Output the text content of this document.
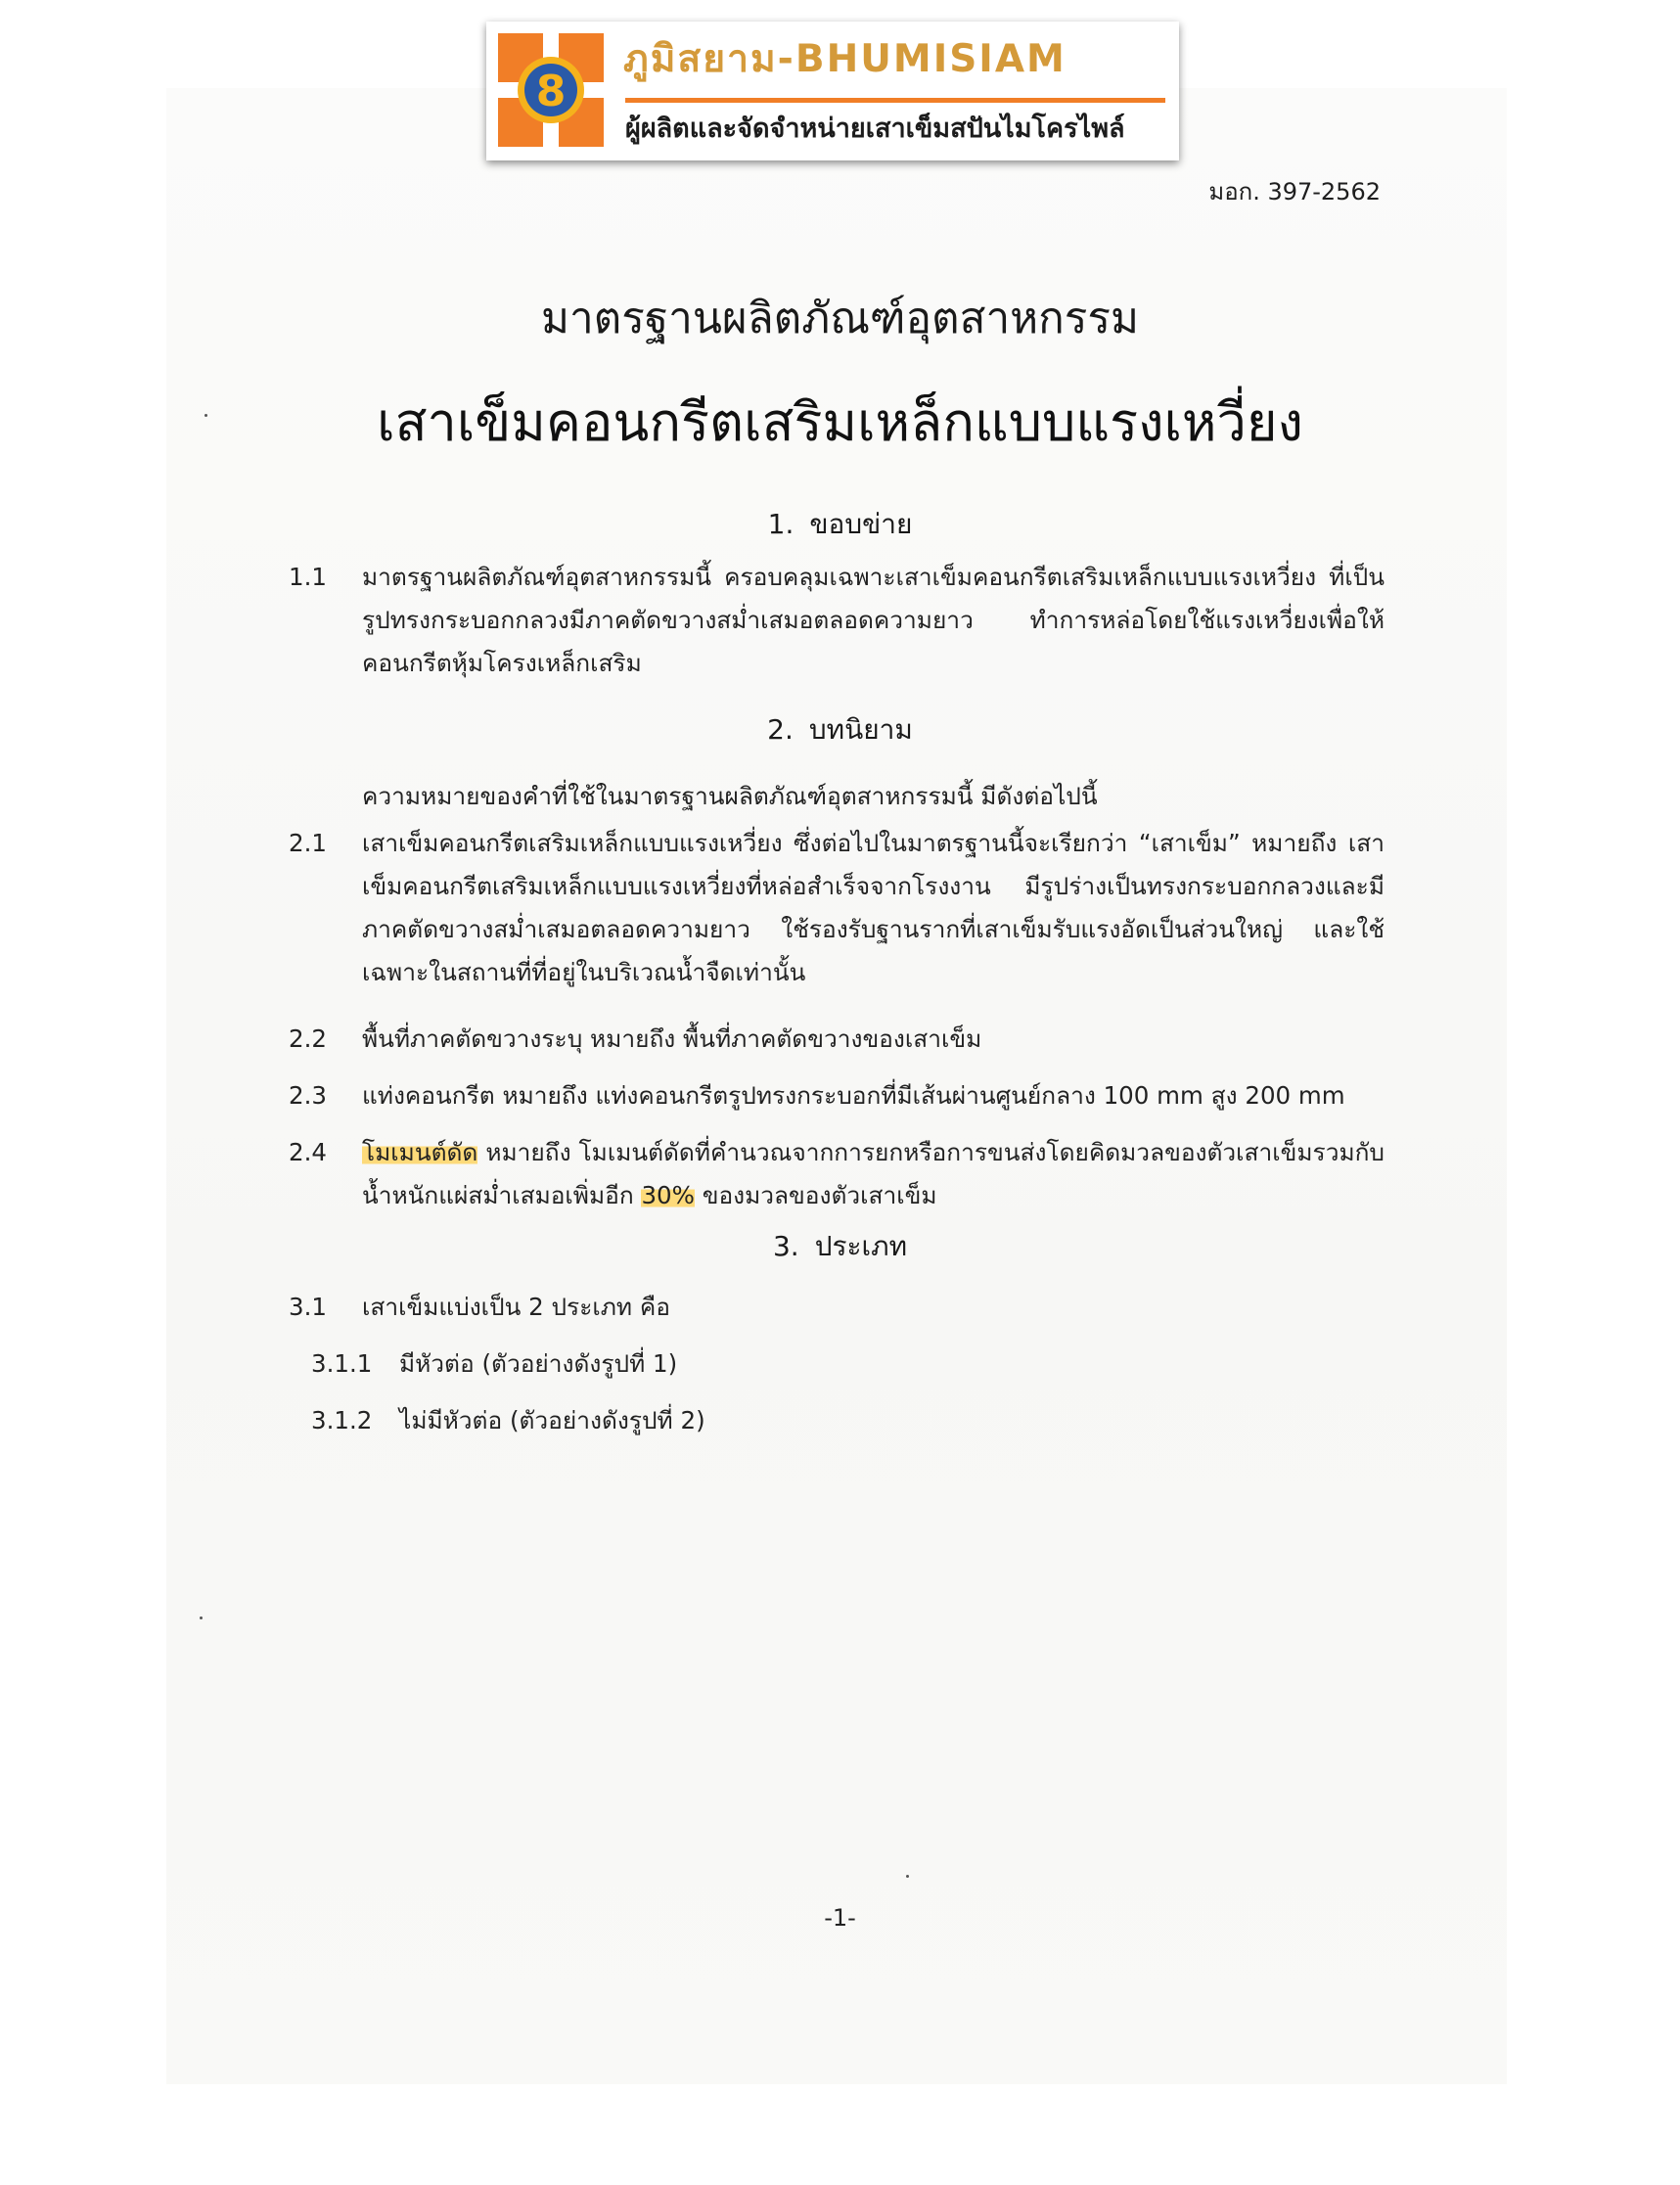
8
ภูมิสยาม-BHUMISIAM
ผู้ผลิตและจัดจำหน่ายเสาเข็มสปันไมโครไพล์
มอก. 397-2562
มาตรฐานผลิตภัณฑ์อุตสาหกรรม
เสาเข็มคอนกรีตเสริมเหล็กแบบแรงเหวี่ยง
1. ขอบข่าย
1.1	มาตรฐานผลิตภัณฑ์อุตสาหกรรมนี้ ครอบคลุมเฉพาะเสาเข็มคอนกรีตเสริมเหล็กแบบแรงเหวี่ยง ที่เป็นรูปทรงกระบอกกลวงมีภาคตัดขวางสม่ำเสมอตลอดความยาว ทำการหล่อโดยใช้แรงเหวี่ยงเพื่อให้คอนกรีตหุ้มโครงเหล็กเสริม
2. บทนิยาม
ความหมายของคำที่ใช้ในมาตรฐานผลิตภัณฑ์อุตสาหกรรมนี้ มีดังต่อไปนี้
2.1	เสาเข็มคอนกรีตเสริมเหล็กแบบแรงเหวี่ยง ซึ่งต่อไปในมาตรฐานนี้จะเรียกว่า “เสาเข็ม” หมายถึง เสาเข็มคอนกรีตเสริมเหล็กแบบแรงเหวี่ยงที่หล่อสำเร็จจากโรงงาน มีรูปร่างเป็นทรงกระบอกกลวงและมีภาคตัดขวางสม่ำเสมอตลอดความยาว ใช้รองรับฐานรากที่เสาเข็มรับแรงอัดเป็นส่วนใหญ่ และใช้เฉพาะในสถานที่ที่อยู่ในบริเวณน้ำจืดเท่านั้น
2.2	พื้นที่ภาคตัดขวางระบุ หมายถึง พื้นที่ภาคตัดขวางของเสาเข็ม
2.3	แท่งคอนกรีต หมายถึง แท่งคอนกรีตรูปทรงกระบอกที่มีเส้นผ่านศูนย์กลาง 100 mm สูง 200 mm
2.4	โมเมนต์ดัด หมายถึง โมเมนต์ดัดที่คำนวณจากการยกหรือการขนส่งโดยคิดมวลของตัวเสาเข็มรวมกับน้ำหนักแผ่สม่ำเสมอเพิ่มอีก 30% ของมวลของตัวเสาเข็ม
3. ประเภท
3.1	เสาเข็มแบ่งเป็น 2 ประเภท คือ
3.1.1 มีหัวต่อ (ตัวอย่างดังรูปที่ 1)
3.1.2 ไม่มีหัวต่อ (ตัวอย่างดังรูปที่ 2)
-1-
